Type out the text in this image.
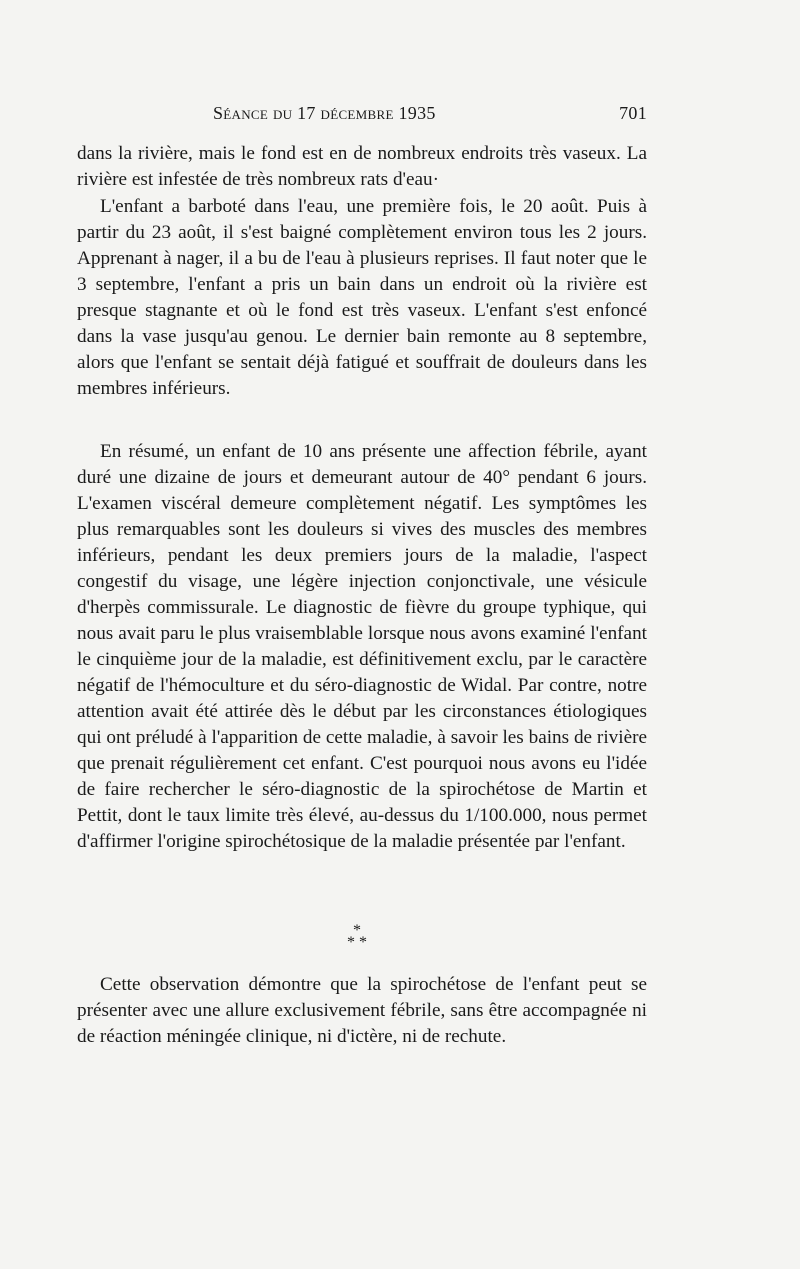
Séance du 17 décembre 1935	701

dans la rivière, mais le fond est en de nombreux endroits très vaseux. La rivière est infestée de très nombreux rats d'eau·

L'enfant a barboté dans l'eau, une première fois, le 20 août. Puis à partir du 23 août, il s'est baigné complètement environ tous les 2 jours. Apprenant à nager, il a bu de l'eau à plusieurs reprises. Il faut noter que le 3 septembre, l'enfant a pris un bain dans un endroit où la rivière est presque stagnante et où le fond est très vaseux. L'enfant s'est enfoncé dans la vase jusqu'au genou. Le dernier bain remonte au 8 septembre, alors que l'enfant se sentait déjà fatigué et souffrait de douleurs dans les membres inférieurs.

En résumé, un enfant de 10 ans présente une affection fébrile, ayant duré une dizaine de jours et demeurant autour de 40° pendant 6 jours. L'examen viscéral demeure complètement négatif. Les symptômes les plus remarquables sont les douleurs si vives des muscles des membres inférieurs, pendant les deux premiers jours de la maladie, l'aspect congestif du visage, une légère injection conjonctivale, une vésicule d'herpès commissurale. Le diagnostic de fièvre du groupe typhique, qui nous avait paru le plus vraisemblable lorsque nous avons examiné l'enfant le cinquième jour de la maladie, est définitivement exclu, par le caractère négatif de l'hémoculture et du séro-diagnostic de Widal. Par contre, notre attention avait été attirée dès le début par les circonstances étiologiques qui ont préludé à l'apparition de cette maladie, à savoir les bains de rivière que prenait régulièrement cet enfant. C'est pourquoi nous avons eu l'idée de faire rechercher le séro-diagnostic de la spirochétose de Martin et Pettit, dont le taux limite très élevé, au-dessus du 1/100.000, nous permet d'affirmer l'origine spirochétosique de la maladie présentée par l'enfant.

*
* *

Cette observation démontre que la spirochétose de l'enfant peut se présenter avec une allure exclusivement fébrile, sans être accompagnée ni de réaction méningée clinique, ni d'ictère, ni de rechute.
